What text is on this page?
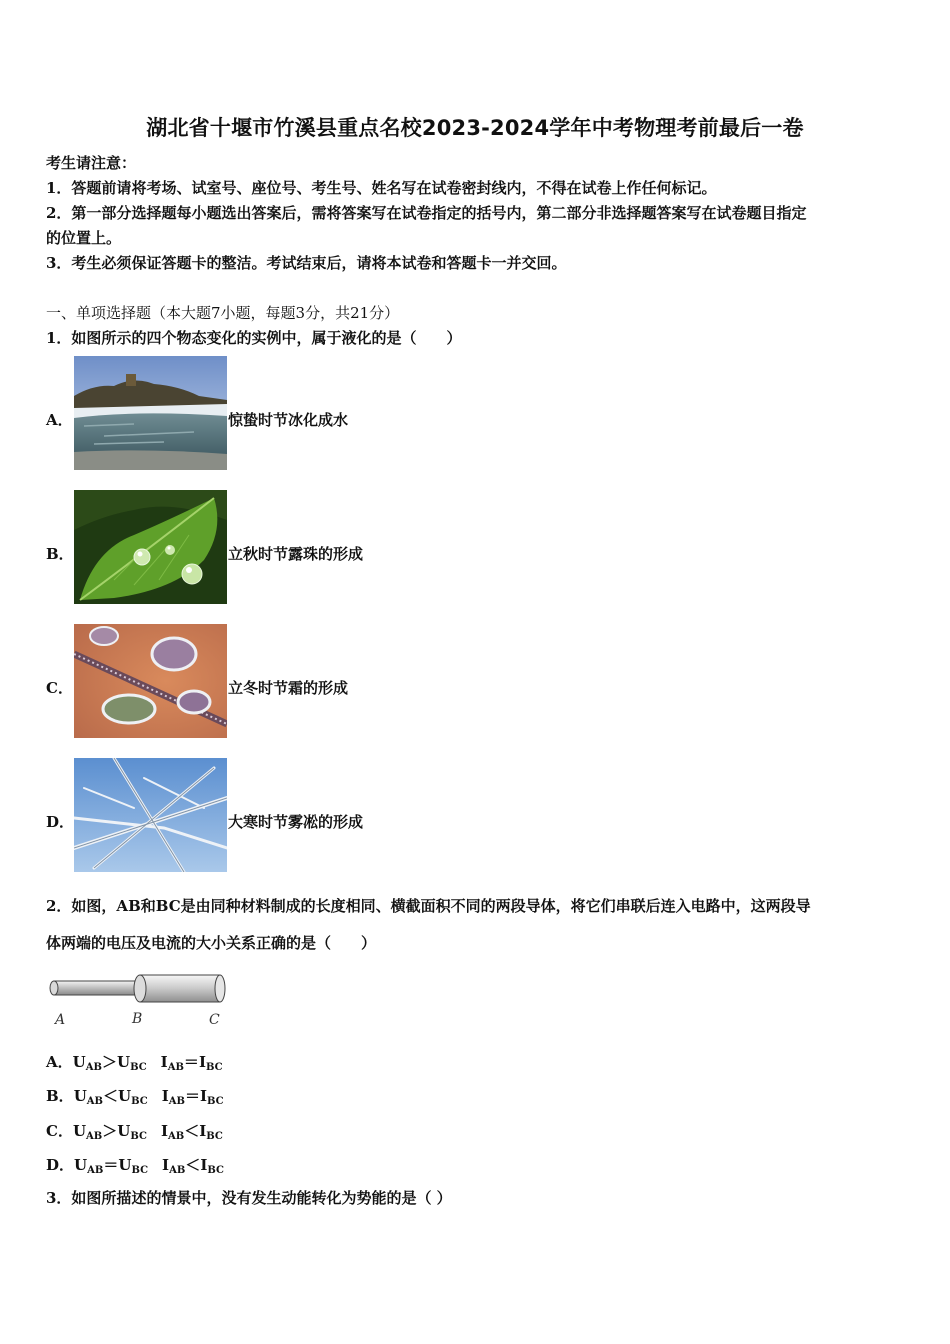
湖北省十堰市竹溪县重点名校2023-2024学年中考物理考前最后一卷
考生请注意：
1．答题前请将考场、试室号、座位号、考生号、姓名写在试卷密封线内，不得在试卷上作任何标记。
2．第一部分选择题每小题选出答案后，需将答案写在试卷指定的括号内，第二部分非选择题答案写在试卷题目指定
的位置上。
3．考生必须保证答题卡的整洁。考试结束后，请将本试卷和答题卡一并交回。
一、单项选择题（本大题7小题，每题3分，共21分）
1．如图所示的四个物态变化的实例中，属于液化的是（　　）
A．	惊蛰时节冰化成水
B．	立秋时节露珠的形成
C．	立冬时节霜的形成
D．	大寒时节雾凇的形成
2．如图，AB和BC是由同种材料制成的长度相同、横截面积不同的两段导体，将它们串联后连入电路中，这两段导
体两端的电压及电流的大小关系正确的是（　　）
A	B	C
A．$U_{AB}>U_{BC}$ $I_{AB}=I_{BC}$
B．$U_{AB}<U_{BC}$ $I_{AB}=I_{BC}$
C．$U_{AB}>U_{BC}$ $I_{AB}<I_{BC}$
D．$U_{AB}=U_{BC}$ $I_{AB}<I_{BC}$
3．如图所描述的情景中，没有发生动能转化为势能的是（ ）
